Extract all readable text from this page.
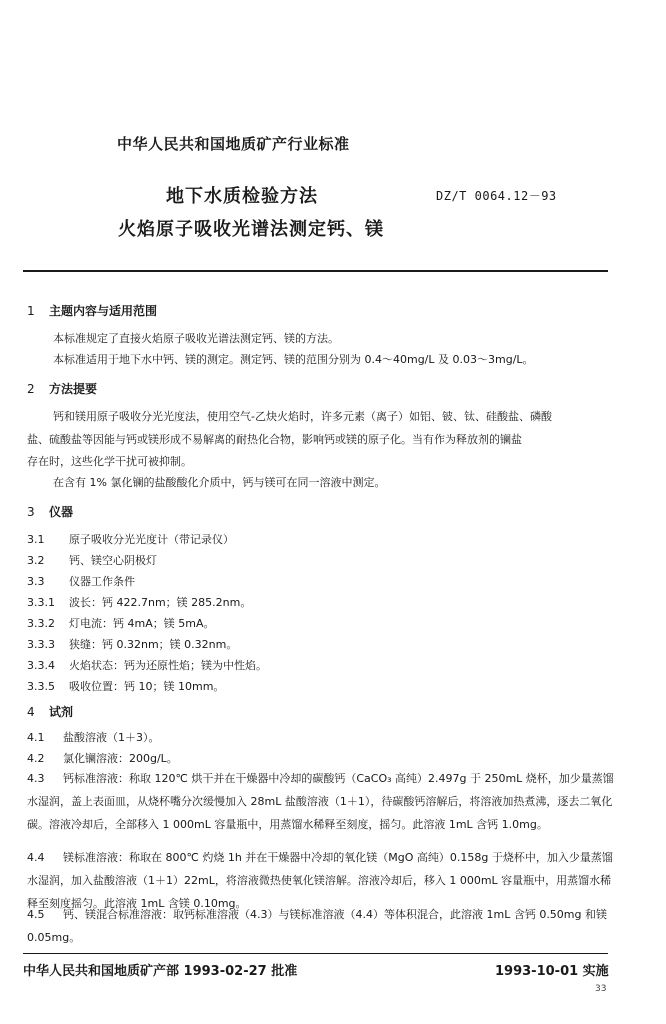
中华人民共和国地质矿产行业标准
地下水质检验方法
火焰原子吸收光谱法测定钙、镁
DZ/T 0064.12－93
1 主题内容与适用范围
本标准规定了直接火焰原子吸收光谱法测定钙、镁的方法。
本标准适用于地下水中钙、镁的测定。测定钙、镁的范围分别为 0.4～40mg/L 及 0.03～3mg/L。
2 方法提要
钙和镁用原子吸收分光光度法，使用空气-乙炔火焰时，许多元素（离子）如铝、铍、钛、硅酸盐、磷酸
盐、硫酸盐等因能与钙或镁形成不易解离的耐热化合物，影响钙或镁的原子化。当有作为释放剂的镧盐
存在时，这些化学干扰可被抑制。
在含有 1% 氯化镧的盐酸酸化介质中，钙与镁可在同一溶液中测定。
3 仪器
3.1 原子吸收分光光度计（带记录仪）
3.2 钙、镁空心阴极灯
3.3 仪器工作条件
3.3.1 波长：钙 422.7nm；镁 285.2nm。
3.3.2 灯电流：钙 4mA；镁 5mA。
3.3.3 狭缝：钙 0.32nm；镁 0.32nm。
3.3.4 火焰状态：钙为还原性焰；镁为中性焰。
3.3.5 吸收位置：钙 10；镁 10mm。
4 试剂
4.1 盐酸溶液（1＋3）。
4.2 氯化镧溶液：200g/L。
4.3 钙标准溶液：称取 120℃ 烘干并在干燥器中冷却的碳酸钙（CaCO₃ 高纯）2.497g 于 250mL 烧杯，加少量蒸馏水湿润，盖上表面皿，从烧杯嘴分次缓慢加入 28mL 盐酸溶液（1＋1），待碳酸钙溶解后，将溶液加热煮沸，逐去二氧化碳。溶液冷却后，全部移入 1 000mL 容量瓶中，用蒸馏水稀释至刻度，摇匀。此溶液 1mL 含钙 1.0mg。
4.4 镁标准溶液：称取在 800℃ 灼烧 1h 并在干燥器中冷却的氧化镁（MgO 高纯）0.158g 于烧杯中，加入少量蒸馏水湿润，加入盐酸溶液（1＋1）22mL，将溶液微热使氧化镁溶解。溶液冷却后，移入 1 000mL 容量瓶中，用蒸馏水稀释至刻度摇匀。此溶液 1mL 含镁 0.10mg。
4.5 钙、镁混合标准溶液：取钙标准溶液（4.3）与镁标准溶液（4.4）等体积混合，此溶液 1mL 含钙 0.50mg 和镁 0.05mg。
中华人民共和国地质矿产部 1993-02-27 批准	1993-10-01 实施
33
